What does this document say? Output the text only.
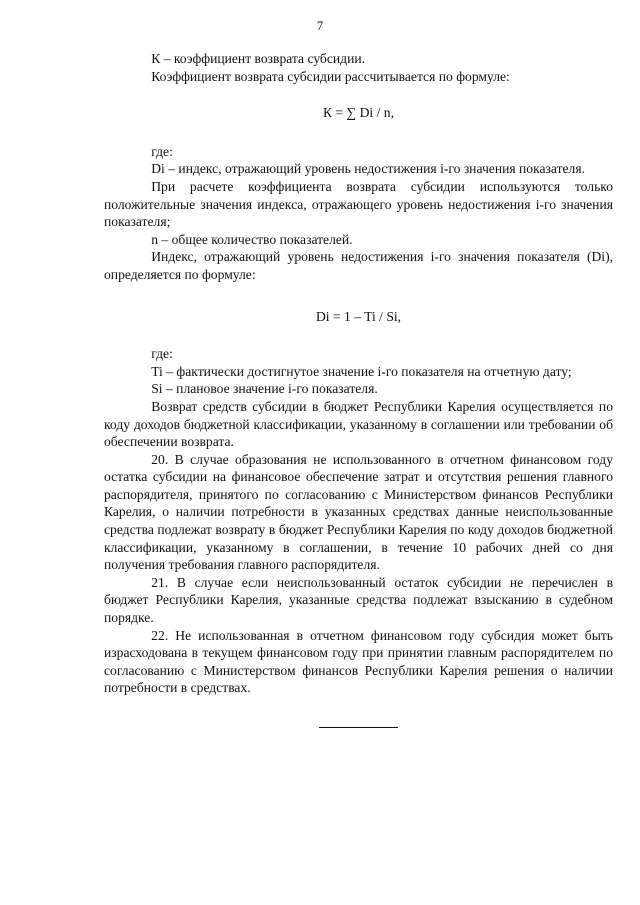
7

К – коэффициент возврата субсидии.

Коэффициент возврата субсидии рассчитывается по формуле:

К = ∑ Di / n,

где:

Di – индекс, отражающий уровень недостижения i-го значения показателя.

При расчете коэффициента возврата субсидии используются только положительные значения индекса, отражающего уровень недостижения i-го значения показателя;

n – общее количество показателей.

Индекс, отражающий уровень недостижения i-го значения показателя (Di), определяется по формуле:

Di = 1 – Ti / Si,

где:

Ti – фактически достигнутое значение i-го показателя на отчетную дату;

Si – плановое значение i-го показателя.

Возврат средств субсидии в бюджет Республики Карелия осуществляется по коду доходов бюджетной классификации, указанному в соглашении или требовании об обеспечении возврата.

20. В случае образования не использованного в отчетном финансовом году остатка субсидии на финансовое обеспечение затрат и отсутствия решения главного распорядителя, принятого по согласованию с Министерством финансов Республики Карелия, о наличии потребности в указанных средствах данные неиспользованные средства подлежат возврату в бюджет Республики Карелия по коду доходов бюджетной классификации, указанному в соглашении, в течение 10 рабочих дней со дня получения требования главного распорядителя.

21. В случае если неиспользованный остаток субсидии не перечислен в бюджет Республики Карелия, указанные средства подлежат взысканию в судебном порядке.

22. Не использованная в отчетном финансовом году субсидия может быть израсходована в текущем финансовом году при принятии главным распорядителем по согласованию с Министерством финансов Республики Карелия решения о наличии потребности в средствах.
